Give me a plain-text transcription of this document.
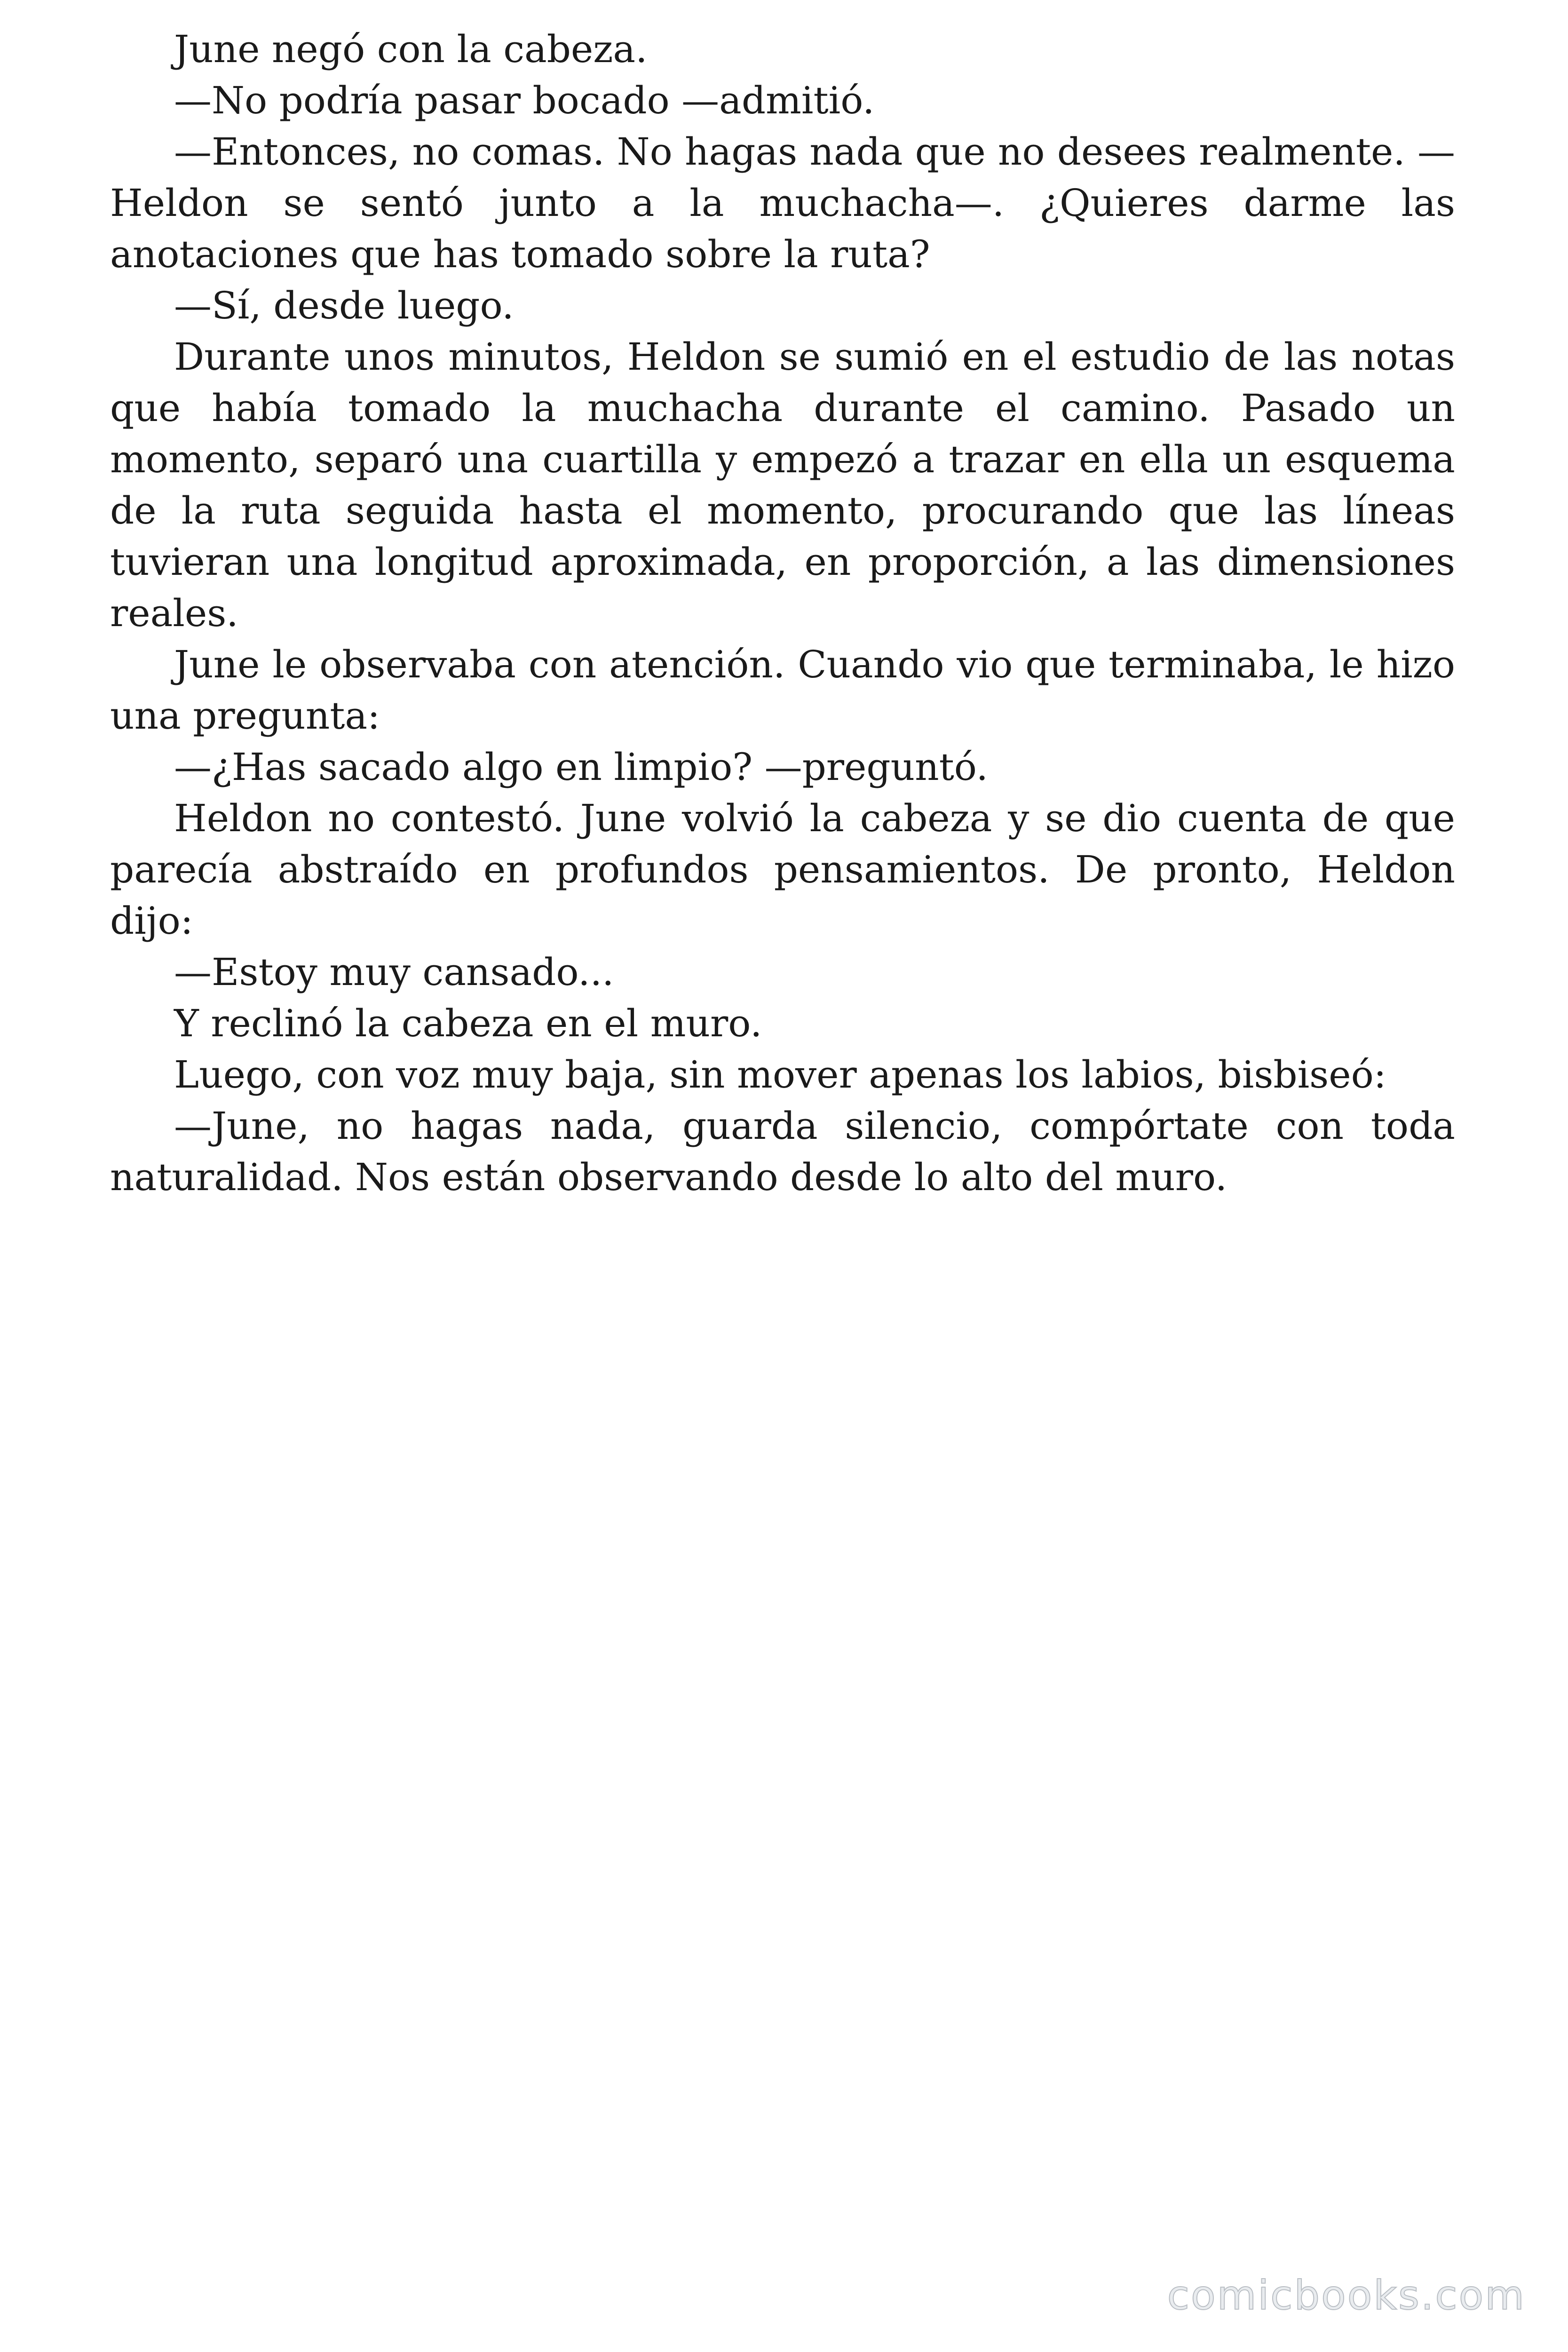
June negó con la cabeza.

—No podría pasar bocado —admitió.

—Entonces, no comas. No hagas nada que no desees realmente. —Heldon se sentó junto a la muchacha—. ¿Quieres darme las anotaciones que has tomado sobre la ruta?

—Sí, desde luego.

Durante unos minutos, Heldon se sumió en el estudio de las notas que había tomado la muchacha durante el camino. Pasado un momento, separó una cuartilla y empezó a trazar en ella un esquema de la ruta seguida hasta el momento, procurando que las líneas tuvieran una longitud aproximada, en proporción, a las dimensiones reales.

June le observaba con atención. Cuando vio que terminaba, le hizo una pregunta:

—¿Has sacado algo en limpio? —preguntó.

Heldon no contestó. June volvió la cabeza y se dio cuenta de que parecía abstraído en profundos pensamientos. De pronto, Heldon dijo:

—Estoy muy cansado...

Y reclinó la cabeza en el muro.

Luego, con voz muy baja, sin mover apenas los labios, bisbiseó:

—June, no hagas nada, guarda silencio, compórtate con toda naturalidad. Nos están observando desde lo alto del muro.

comicbooks.com
